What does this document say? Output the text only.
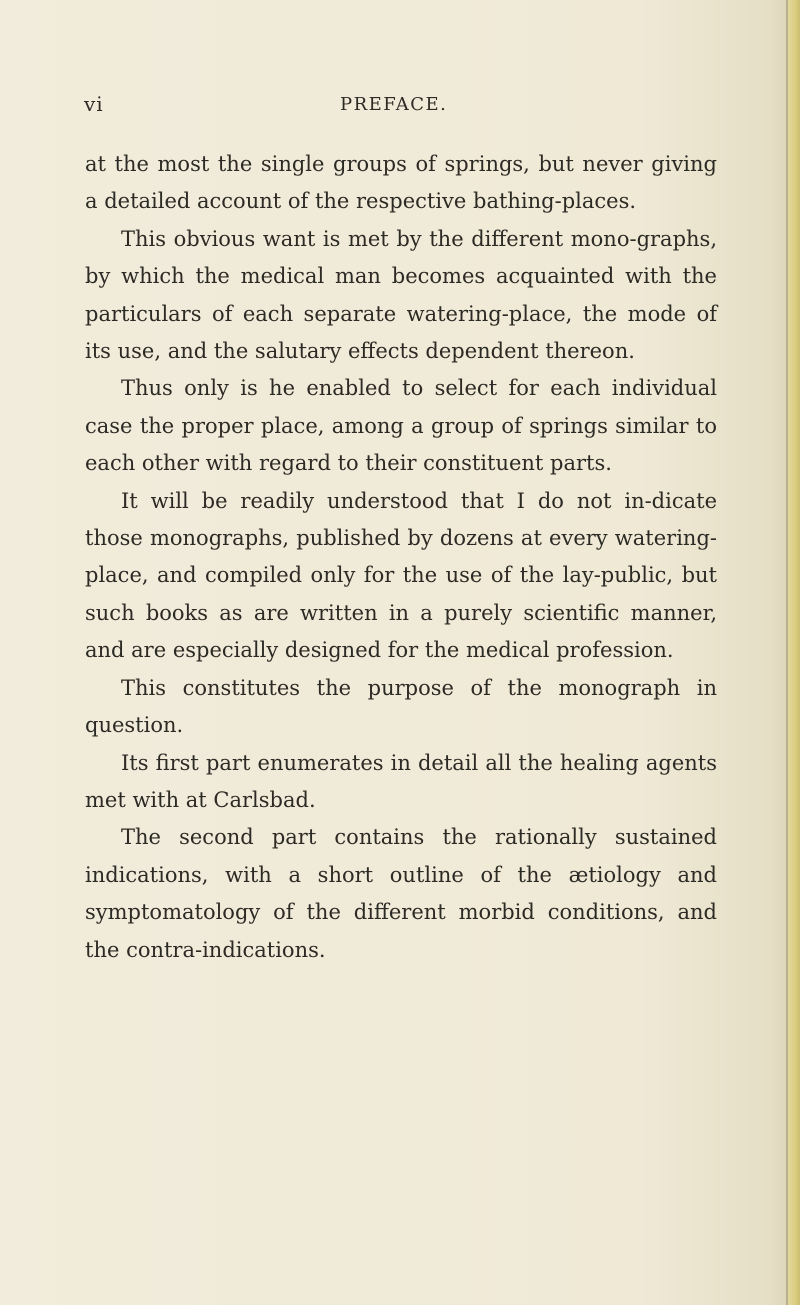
vi	PREFACE.

at the most the single groups of springs, but never giving a detailed account of the respective bathing-places.

This obvious want is met by the different mono-graphs, by which the medical man becomes acquainted with the particulars of each separate watering-place, the mode of its use, and the salutary effects dependent thereon.

Thus only is he enabled to select for each individual case the proper place, among a group of springs similar to each other with regard to their constituent parts.

It will be readily understood that I do not in-dicate those monographs, published by dozens at every watering-place, and compiled only for the use of the lay-public, but such books as are written in a purely scientific manner, and are especially designed for the medical profession.

This constitutes the purpose of the monograph in question.

Its first part enumerates in detail all the healing agents met with at Carlsbad.

The second part contains the rationally sustained indications, with a short outline of the ætiology and symptomatology of the different morbid conditions, and the contra-indications.
